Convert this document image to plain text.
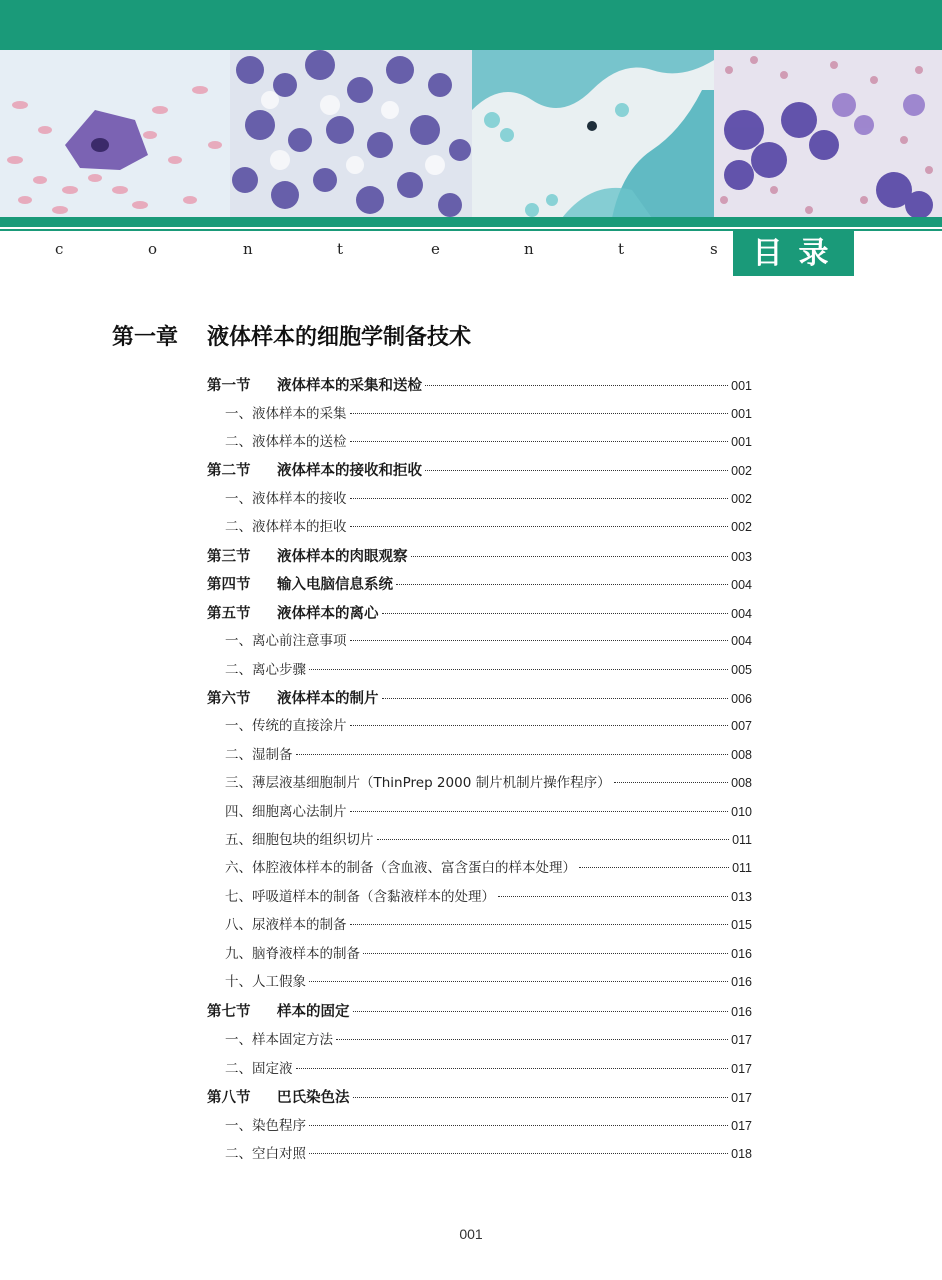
c	o	n	t	e	n	t	s	目录
第一章 液体样本的细胞学制备技术
第一节	液体样本的采集和送检	001
一、液体样本的采集	001
二、液体样本的送检	001
第二节	液体样本的接收和拒收	002
一、液体样本的接收	002
二、液体样本的拒收	002
第三节	液体样本的肉眼观察	003
第四节	输入电脑信息系统	004
第五节	液体样本的离心	004
一、离心前注意事项	004
二、离心步骤	005
第六节	液体样本的制片	006
一、传统的直接涂片	007
二、湿制备	008
三、薄层液基细胞制片（ThinPrep 2000 制片机制片操作程序）	008
四、细胞离心法制片	010
五、细胞包块的组织切片	011
六、体腔液体样本的制备（含血液、富含蛋白的样本处理）	011
七、呼吸道样本的制备（含黏液样本的处理）	013
八、尿液样本的制备	015
九、脑脊液样本的制备	016
十、人工假象	016
第七节	样本的固定	016
一、样本固定方法	017
二、固定液	017
第八节	巴氏染色法	017
一、染色程序	017
二、空白对照	018
001
